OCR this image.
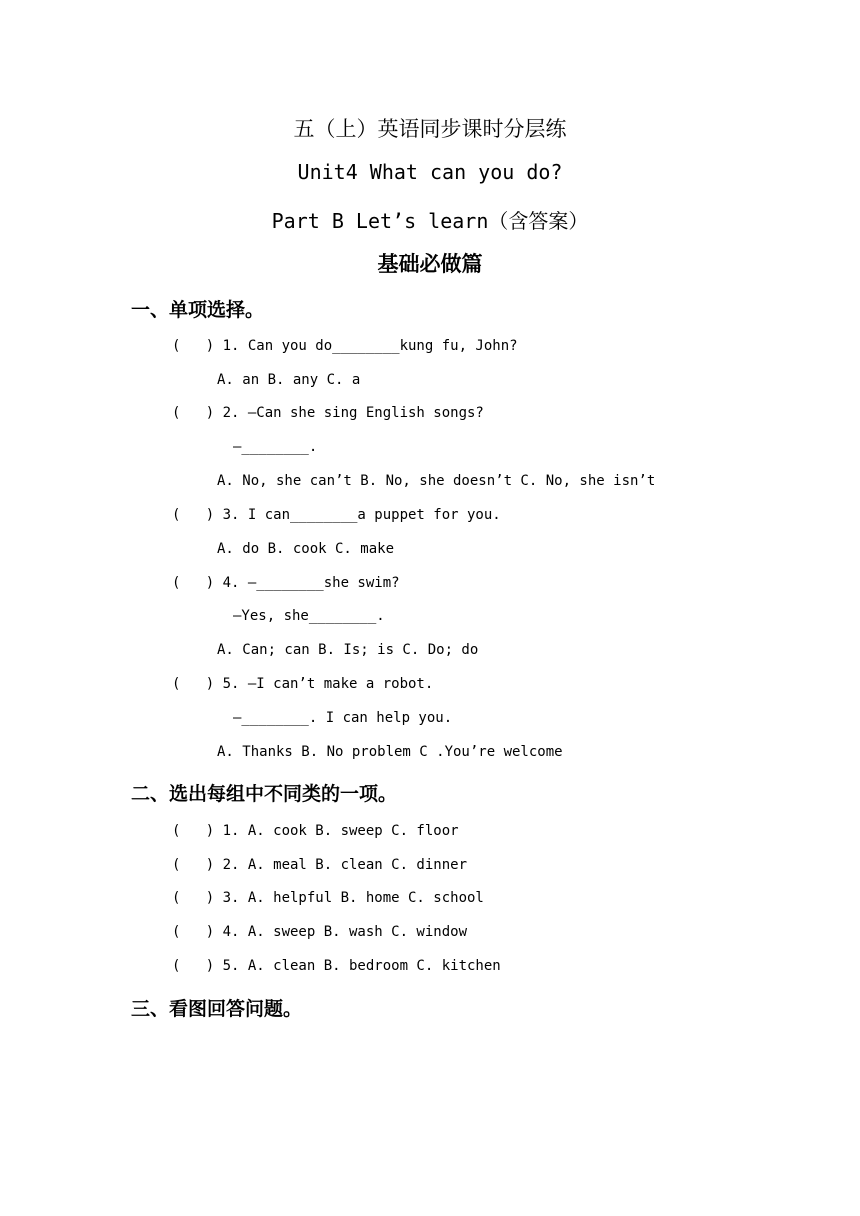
五（上）英语同步课时分层练
Unit4 What can you do?
Part B Let’s learn（含答案）
基础必做篇
一、单项选择。
(   ) 1. Can you do________kung fu, John?
A. an B. any C. a
(   ) 2. —Can she sing English songs?
—________.
A. No, she can’t B. No, she doesn’t C. No, she isn’t
(   ) 3. I can________a puppet for you.
A. do B. cook C. make
(   ) 4. —________she swim?
—Yes, she________.
A. Can; can B. Is; is C. Do; do
(   ) 5. —I can’t make a robot.
—________. I can help you.
A. Thanks B. No problem C .You’re welcome
二、选出每组中不同类的一项。
(   ) 1. A. cook B. sweep C. floor
(   ) 2. A. meal B. clean C. dinner
(   ) 3. A. helpful B. home C. school
(   ) 4. A. sweep B. wash C. window
(   ) 5. A. clean B. bedroom C. kitchen
三、看图回答问题。
